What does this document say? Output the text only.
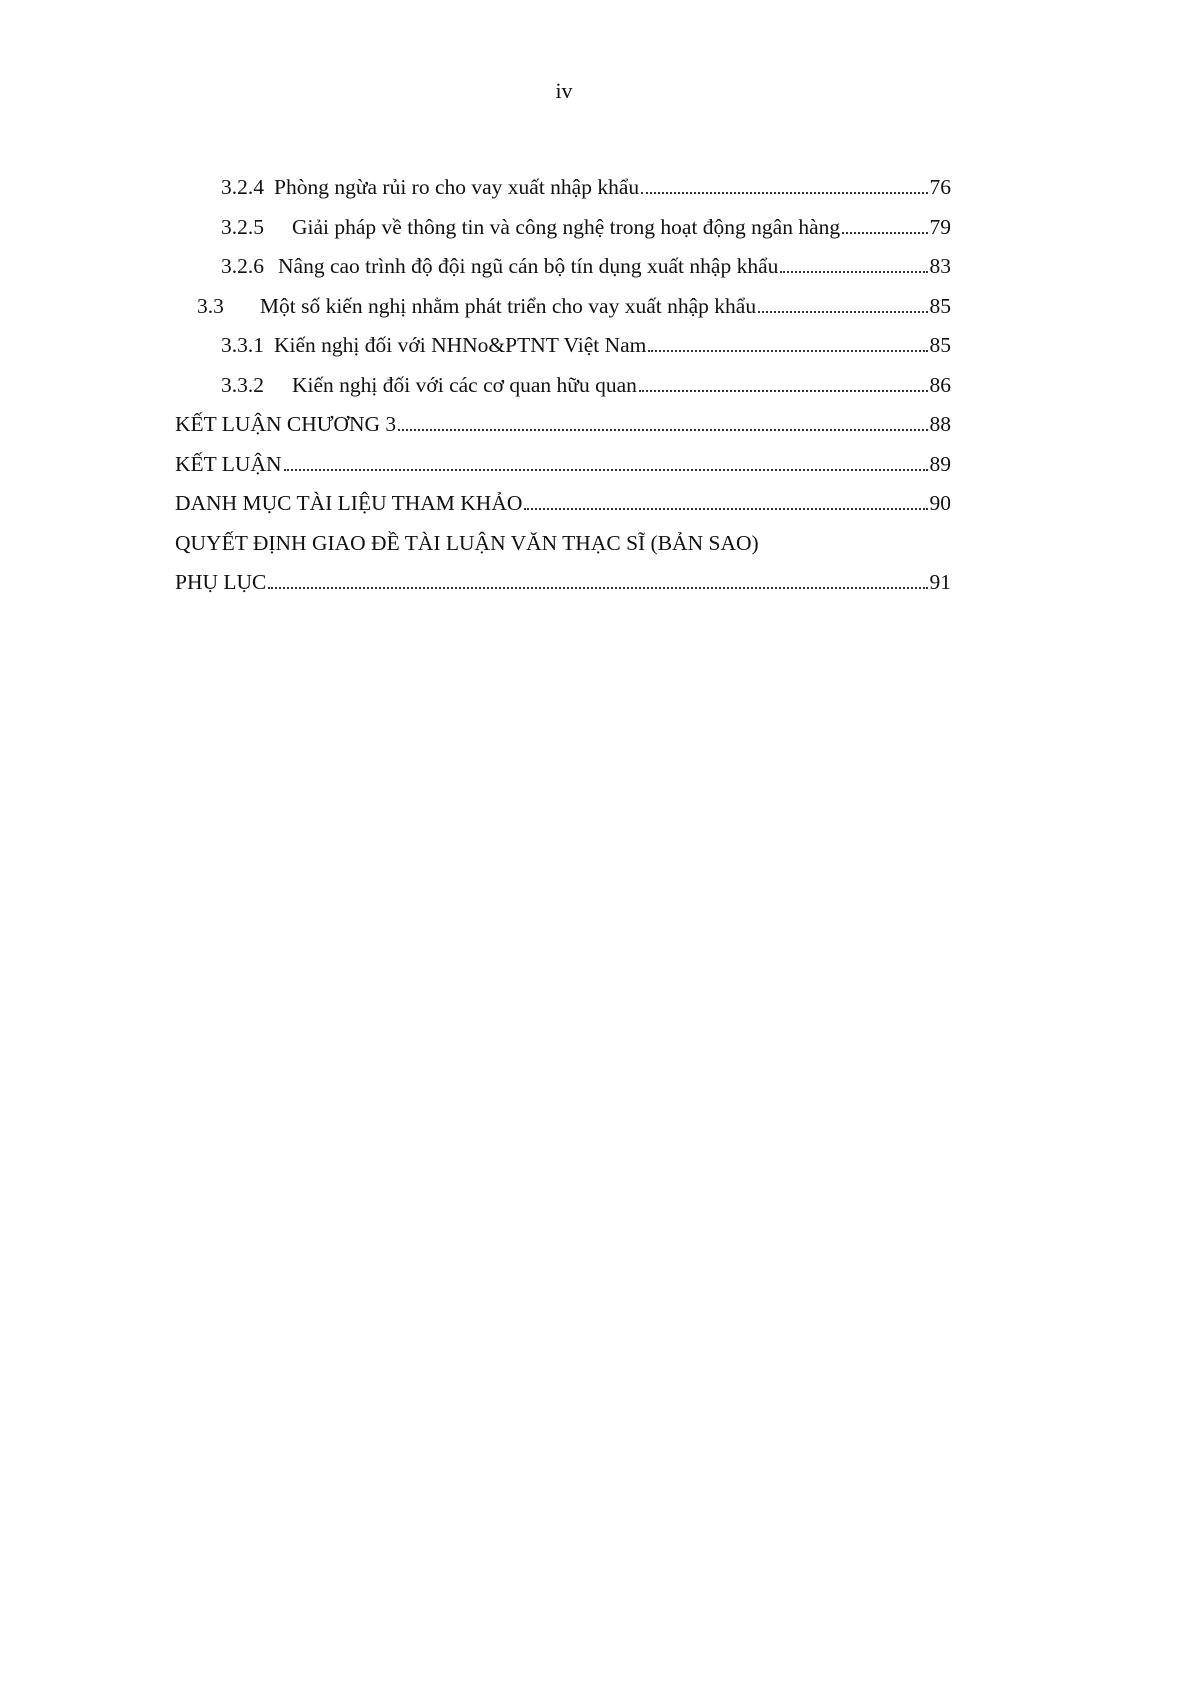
iv
3.2.4 Phòng ngừa rủi ro cho vay xuất nhập khẩu	76
3.2.5 Giải pháp về thông tin và công nghệ trong hoạt động ngân hàng	79
3.2.6 Nâng cao trình độ đội ngũ cán bộ tín dụng xuất nhập khẩu	83
3.3 Một số kiến nghị nhằm phát triển cho vay xuất nhập khẩu	85
3.3.1 Kiến nghị đối với NHNo&PTNT Việt Nam	85
3.3.2 Kiến nghị đối với các cơ quan hữu quan	86
KẾT LUẬN CHƯƠNG 3	88
KẾT LUẬN	89
DANH MỤC TÀI LIỆU THAM KHẢO	90
QUYẾT ĐỊNH GIAO ĐỀ TÀI LUẬN VĂN THẠC SĨ (BẢN SAO)
PHỤ LỤC	91
